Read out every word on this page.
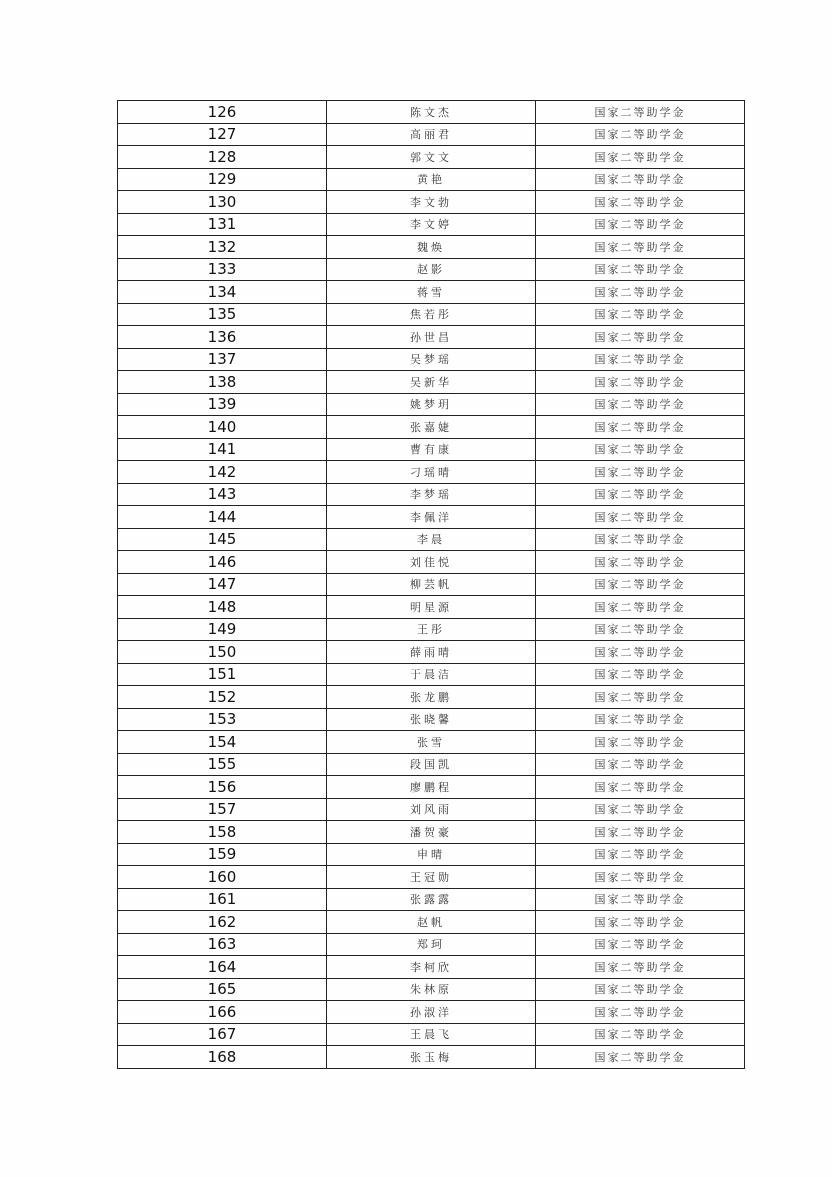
126	陈文杰	国家二等助学金
127	高丽君	国家二等助学金
128	郭文文	国家二等助学金
129	黄艳	国家二等助学金
130	李文勃	国家二等助学金
131	李文婷	国家二等助学金
132	魏焕	国家二等助学金
133	赵影	国家二等助学金
134	蒋雪	国家二等助学金
135	焦若彤	国家二等助学金
136	孙世昌	国家二等助学金
137	吴梦瑶	国家二等助学金
138	吴新华	国家二等助学金
139	姚梦玥	国家二等助学金
140	张嘉婕	国家二等助学金
141	曹有康	国家二等助学金
142	刁瑶晴	国家二等助学金
143	李梦瑶	国家二等助学金
144	李佩洋	国家二等助学金
145	李晨	国家二等助学金
146	刘佳悦	国家二等助学金
147	柳芸帆	国家二等助学金
148	明星源	国家二等助学金
149	王彤	国家二等助学金
150	薛雨晴	国家二等助学金
151	于晨洁	国家二等助学金
152	张龙鹏	国家二等助学金
153	张晓馨	国家二等助学金
154	张雪	国家二等助学金
155	段国凯	国家二等助学金
156	廖鹏程	国家二等助学金
157	刘风雨	国家二等助学金
158	潘贺豪	国家二等助学金
159	申晴	国家二等助学金
160	王冠勋	国家二等助学金
161	张露露	国家二等助学金
162	赵帆	国家二等助学金
163	郑珂	国家二等助学金
164	李柯欣	国家二等助学金
165	朱林原	国家二等助学金
166	孙淑洋	国家二等助学金
167	王晨飞	国家二等助学金
168	张玉梅	国家二等助学金
